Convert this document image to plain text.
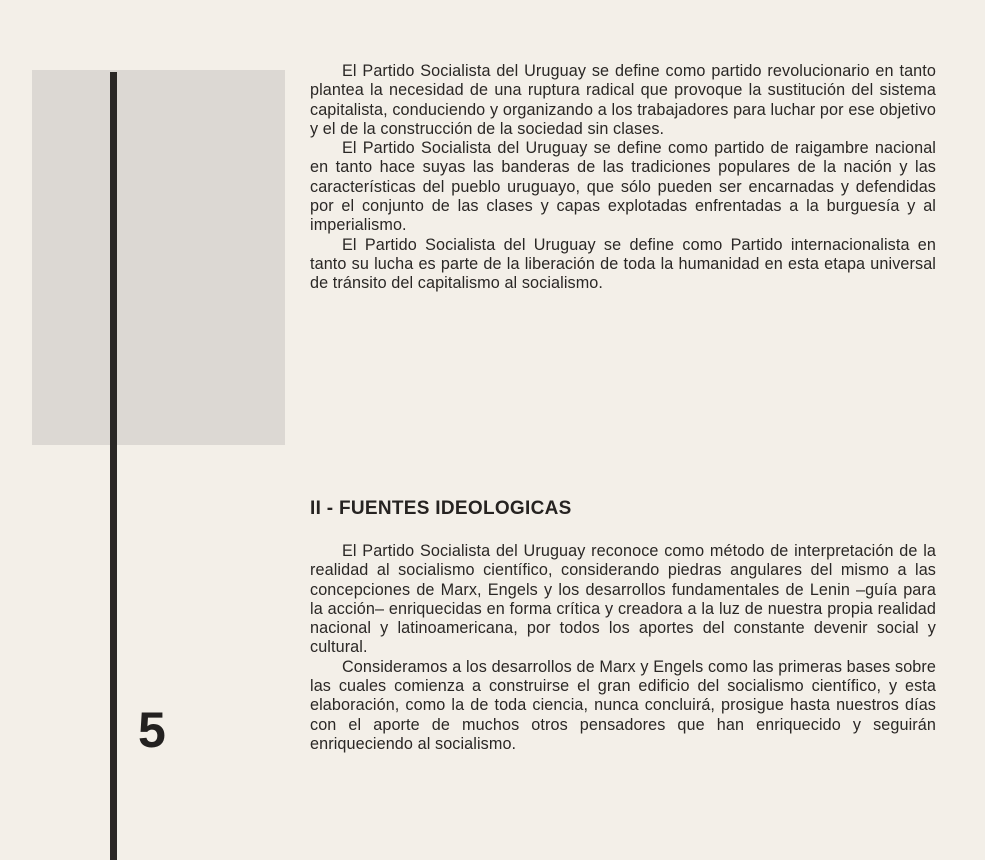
5

El Partido Socialista del Uruguay se define como partido revolucionario en tanto plantea la necesidad de una ruptura radical que provoque la sustitución del sistema capitalista, conduciendo y organizando a los trabajadores para luchar por ese objetivo y el de la construcción de la sociedad sin clases.

El Partido Socialista del Uruguay se define como partido de raigambre nacional en tanto hace suyas las banderas de las tradiciones populares de la nación y las características del pueblo uruguayo, que sólo pueden ser encarnadas y defendidas por el conjunto de las clases y capas explotadas enfrentadas a la burguesía y al imperialismo.

El Partido Socialista del Uruguay se define como Partido internacionalista en tanto su lucha es parte de la liberación de toda la humanidad en esta etapa universal de tránsito del capitalismo al socialismo.

II - FUENTES IDEOLOGICAS

El Partido Socialista del Uruguay reconoce como método de interpretación de la realidad al socialismo científico, considerando piedras angulares del mismo a las concepciones de Marx, Engels y los desarrollos fundamentales de Lenin –guía para la acción– enriquecidas en forma crítica y creadora a la luz de nuestra propia realidad nacional y latinoamericana, por todos los aportes del constante devenir social y cultural.

Consideramos a los desarrollos de Marx y Engels como las primeras bases sobre las cuales comienza a construirse el gran edificio del socialismo científico, y esta elaboración, como la de toda ciencia, nunca concluirá, prosigue hasta nuestros días con el aporte de muchos otros pensadores que han enriquecido y seguirán enriqueciendo al socialismo.
